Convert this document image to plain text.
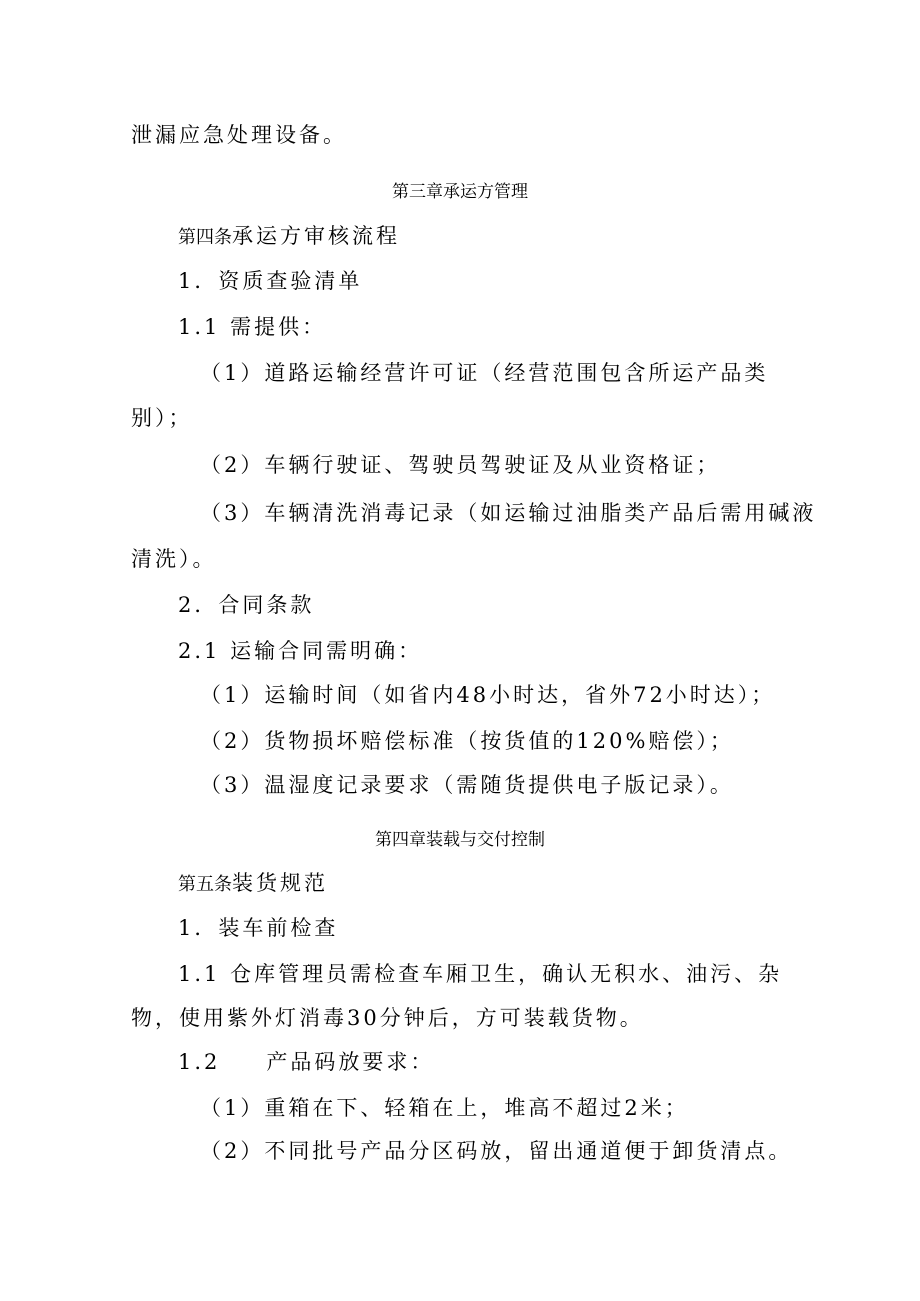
泄漏应急处理设备。
第三章承运方管理
第四条承运方审核流程
1．资质查验清单
1.1 需提供：
（1）道路运输经营许可证（经营范围包含所运产品类
别）；
（2）车辆行驶证、驾驶员驾驶证及从业资格证；
（3）车辆清洗消毒记录（如运输过油脂类产品后需用碱液
清洗）。
2．合同条款
2.1 运输合同需明确：
（1）运输时间（如省内48小时达，省外72小时达）；
（2）货物损坏赔偿标准（按货值的120%赔偿）；
（3）温湿度记录要求（需随货提供电子版记录）。
第四章装载与交付控制
第五条装货规范
1．装车前检查
1.1 仓库管理员需检查车厢卫生，确认无积水、油污、杂
物，使用紫外灯消毒30分钟后，方可装载货物。
1.2 产品码放要求：
（1）重箱在下、轻箱在上，堆高不超过2米；
（2）不同批号产品分区码放，留出通道便于卸货清点。
